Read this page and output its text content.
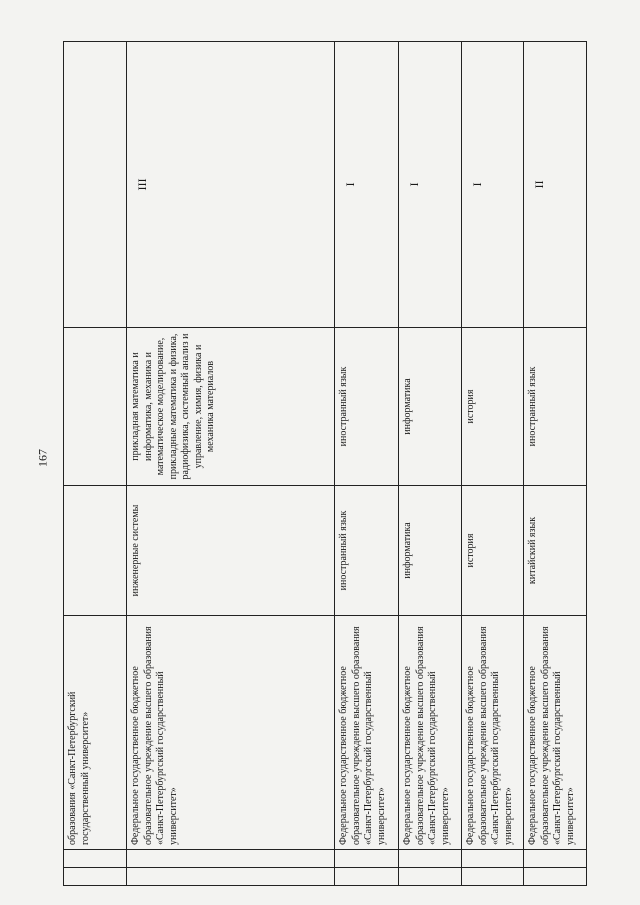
167
		образования «Санкт-Петербургский государственный университет»			
		Федеральное государственное бюджетное образовательное учреждение высшего образования «Санкт-Петербургский государственный университет»	инженерные системы	прикладная математика и информатика, механика и математическое моделирование, прикладные математика и физика, радиофизика, системный анализ и управление, химия, физика и механика материалов	III
		Федеральное государственное бюджетное образовательное учреждение высшего образования «Санкт-Петербургский государственный университет»	иностранный язык	иностранный язык	I
		Федеральное государственное бюджетное образовательное учреждение высшего образования «Санкт-Петербургский государственный университет»	информатика	информатика	I
		Федеральное государственное бюджетное образовательное учреждение высшего образования «Санкт-Петербургский государственный университет»	история	история	I
		Федеральное государственное бюджетное образовательное учреждение высшего образования «Санкт-Петербургский государственный университет»	китайский язык	иностранный язык	II
